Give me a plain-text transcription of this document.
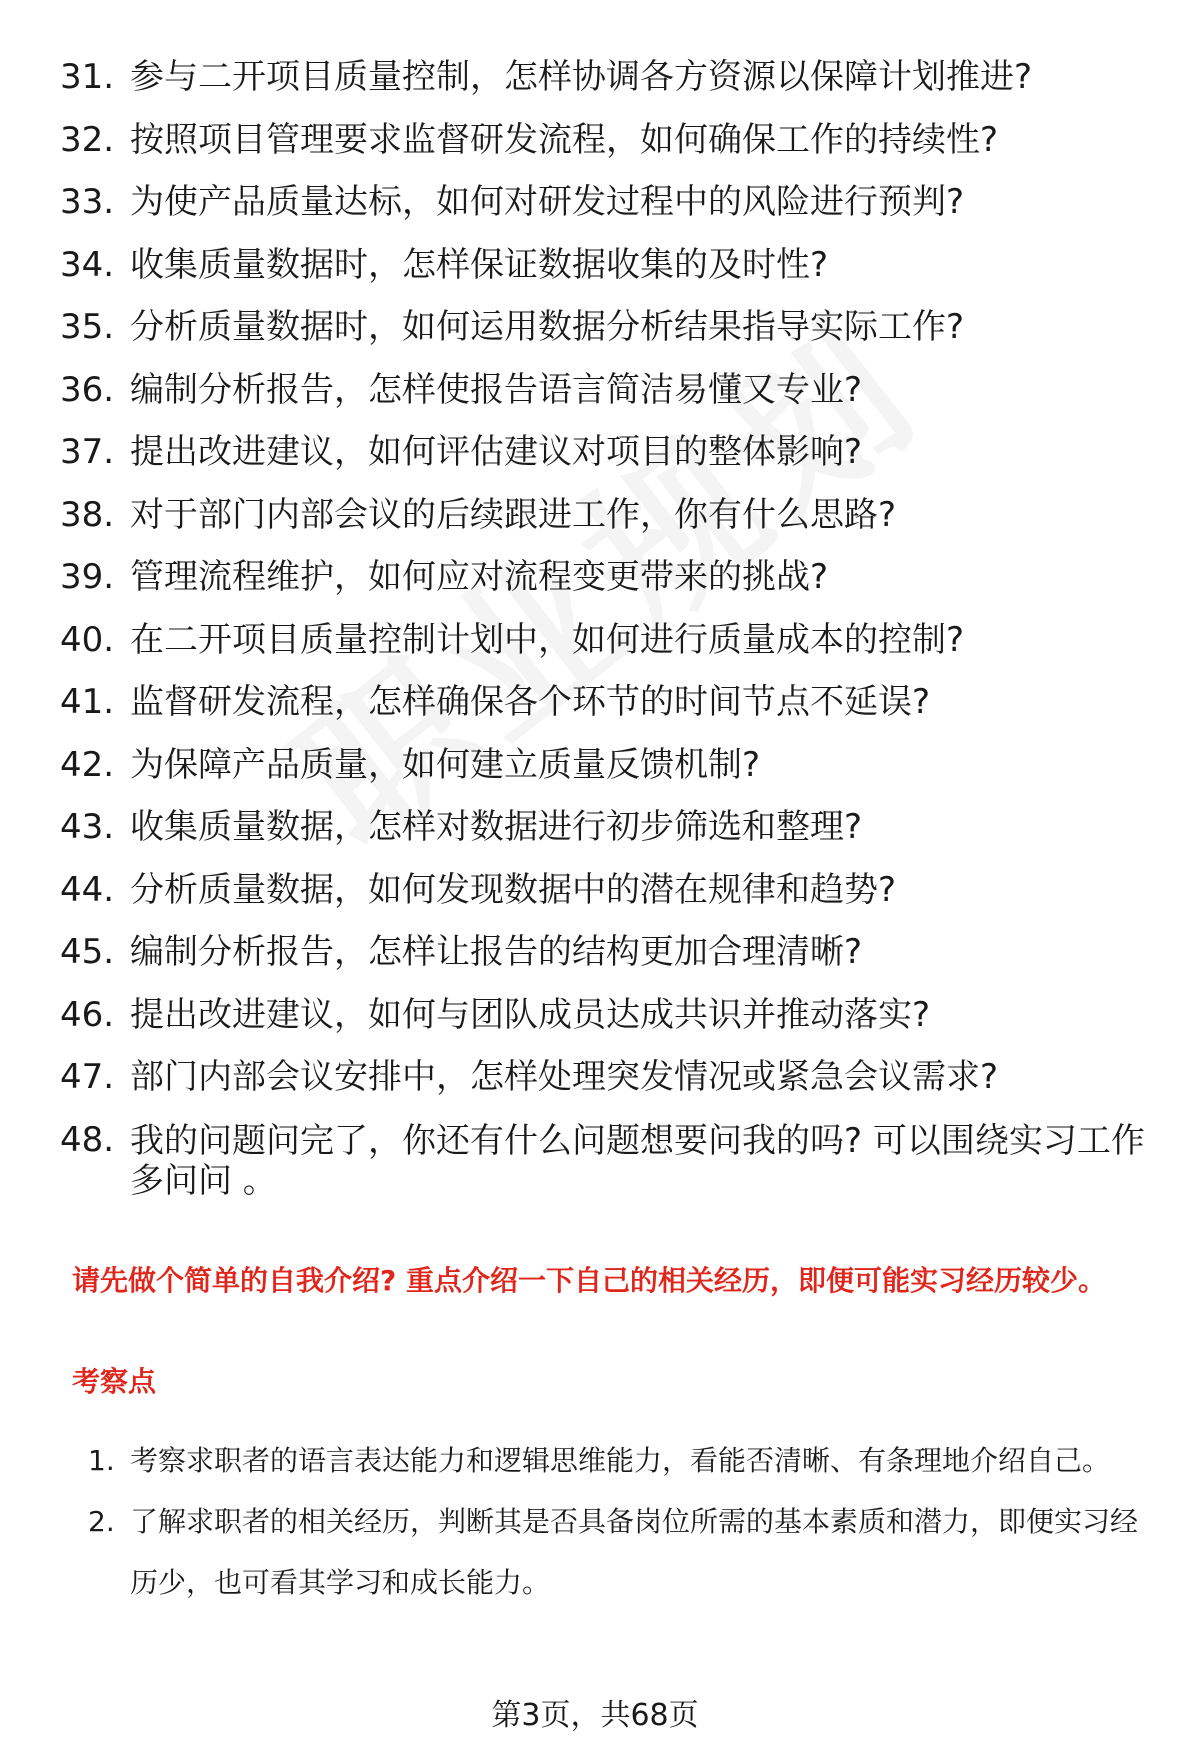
31. 参与二开项目质量控制，怎样协调各方资源以保障计划推进?
32. 按照项目管理要求监督研发流程，如何确保工作的持续性?
33. 为使产品质量达标，如何对研发过程中的风险进行预判?
34. 收集质量数据时，怎样保证数据收集的及时性?
35. 分析质量数据时，如何运用数据分析结果指导实际工作?
36. 编制分析报告，怎样使报告语言简洁易懂又专业?
37. 提出改进建议，如何评估建议对项目的整体影响?
38. 对于部门内部会议的后续跟进工作，你有什么思路?
39. 管理流程维护，如何应对流程变更带来的挑战?
40. 在二开项目质量控制计划中，如何进行质量成本的控制?
41. 监督研发流程，怎样确保各个环节的时间节点不延误?
42. 为保障产品质量，如何建立质量反馈机制?
43. 收集质量数据，怎样对数据进行初步筛选和整理?
44. 分析质量数据，如何发现数据中的潜在规律和趋势?
45. 编制分析报告，怎样让报告的结构更加合理清晰?
46. 提出改进建议，如何与团队成员达成共识并推动落实?
47. 部门内部会议安排中，怎样处理突发情况或紧急会议需求?
48. 我的问题问完了，你还有什么问题想要问我的吗? 可以围绕实习工作多问问 。
请先做个简单的自我介绍? 重点介绍一下自己的相关经历，即便可能实习经历较少。
考察点
1. 考察求职者的语言表达能力和逻辑思维能力，看能否清晰、有条理地介绍自己。
2. 了解求职者的相关经历，判断其是否具备岗位所需的基本素质和潜力，即便实习经历少，也可看其学习和成长能力。
第3页，共68页
